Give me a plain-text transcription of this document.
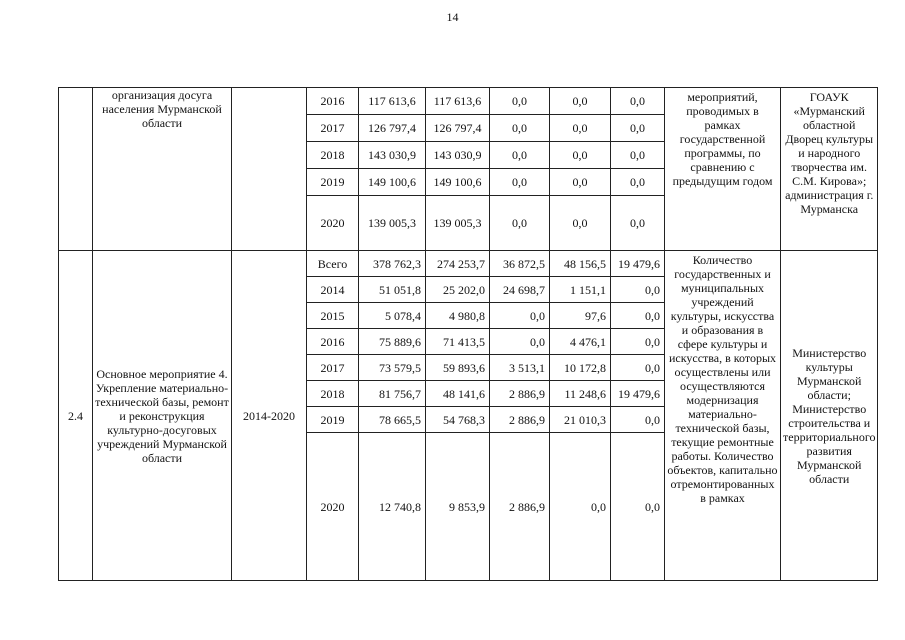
14
	организация досуга населения Мурманской области		2016	117 613,6	117 613,6	0,0	0,0	0,0	мероприятий, проводимых в рамках государственной программы, по сравнению с предыдущим годом	ГОАУК «Мурманский областной Дворец культуры и народного творчества им. С.М. Кирова»; администрация г. Мурманска
			2017	126 797,4	126 797,4	0,0	0,0	0,0		
			2018	143 030,9	143 030,9	0,0	0,0	0,0		
			2019	149 100,6	149 100,6	0,0	0,0	0,0		
			2020	139 005,3	139 005,3	0,0	0,0	0,0		
2.4	Основное мероприятие 4. Укрепление материально-технической базы, ремонт и реконструкция культурно-досуговых учреждений Мурманской области	2014-2020	Всего	378 762,3	274 253,7	36 872,5	48 156,5	19 479,6	Количество государственных и муниципальных учреждений культуры, искусства и образования в сфере культуры и искусства, в которых осуществлены или осуществляются модернизация материально-технической базы, текущие ремонтные работы. Количество объектов, капитально отремонтированных в рамках	Министерство культуры Мурманской области; Министерство строительства и территориального развития Мурманской области
			2014	51 051,8	25 202,0	24 698,7	1 151,1	0,0		
			2015	5 078,4	4 980,8	0,0	97,6	0,0		
			2016	75 889,6	71 413,5	0,0	4 476,1	0,0		
			2017	73 579,5	59 893,6	3 513,1	10 172,8	0,0		
			2018	81 756,7	48 141,6	2 886,9	11 248,6	19 479,6		
			2019	78 665,5	54 768,3	2 886,9	21 010,3	0,0		
			2020	12 740,8	9 853,9	2 886,9	0,0	0,0		
